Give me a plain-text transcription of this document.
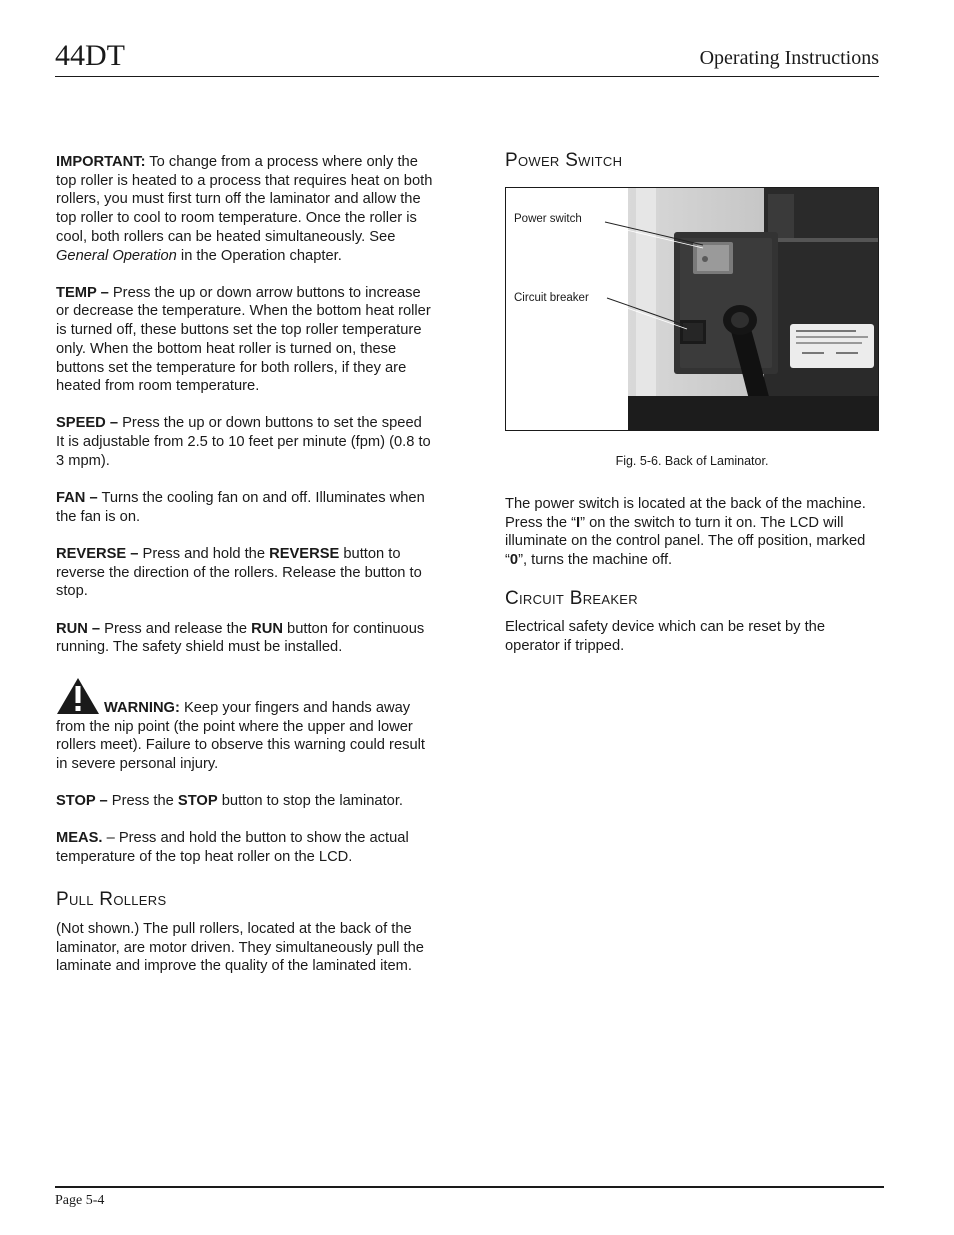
44DT	Operating Instructions

IMPORTANT: To change from a process where only the top roller is heated to a process that requires heat on both rollers, you must first turn off the laminator and allow the top roller to cool to room temperature. Once the roller is cool, both rollers can be heated simultaneously. See General Operation in the Operation chapter.

TEMP – Press the up or down arrow buttons to increase or decrease the temperature. When the bottom heat roller is turned off, these buttons set the top roller temperature only. When the bottom heat roller is turned on, these buttons set the temperature for both rollers, if they are heated from room temperature.

SPEED – Press the up or down buttons to set the speed It is adjustable from 2.5 to 10 feet per minute (fpm) (0.8 to 3 mpm).

FAN – Turns the cooling fan on and off. Illuminates when the fan is on.

REVERSE – Press and hold the REVERSE button to reverse the direction of the rollers. Release the button to stop.

RUN – Press and release the RUN button for continuous running. The safety shield must be installed.

WARNING: Keep your fingers and hands away from the nip point (the point where the upper and lower rollers meet). Failure to observe this warning could result in severe personal injury.

STOP – Press the STOP button to stop the laminator.

MEAS. – Press and hold the button to show the actual temperature of the top heat roller on the LCD.

Pull Rollers

(Not shown.) The pull rollers, located at the back of the laminator, are motor driven. They simultaneously pull the laminate and improve the quality of the laminated item.

Power Switch
Power switch
Circuit breaker
Fig. 5-6. Back of Laminator.

The power switch is located at the back of the machine. Press the “I” on the switch to turn it on. The LCD will illuminate on the control panel. The off position, marked “0”, turns the machine off.

Circuit Breaker

Electrical safety device which can be reset by the operator if tripped.

Page 5-4
